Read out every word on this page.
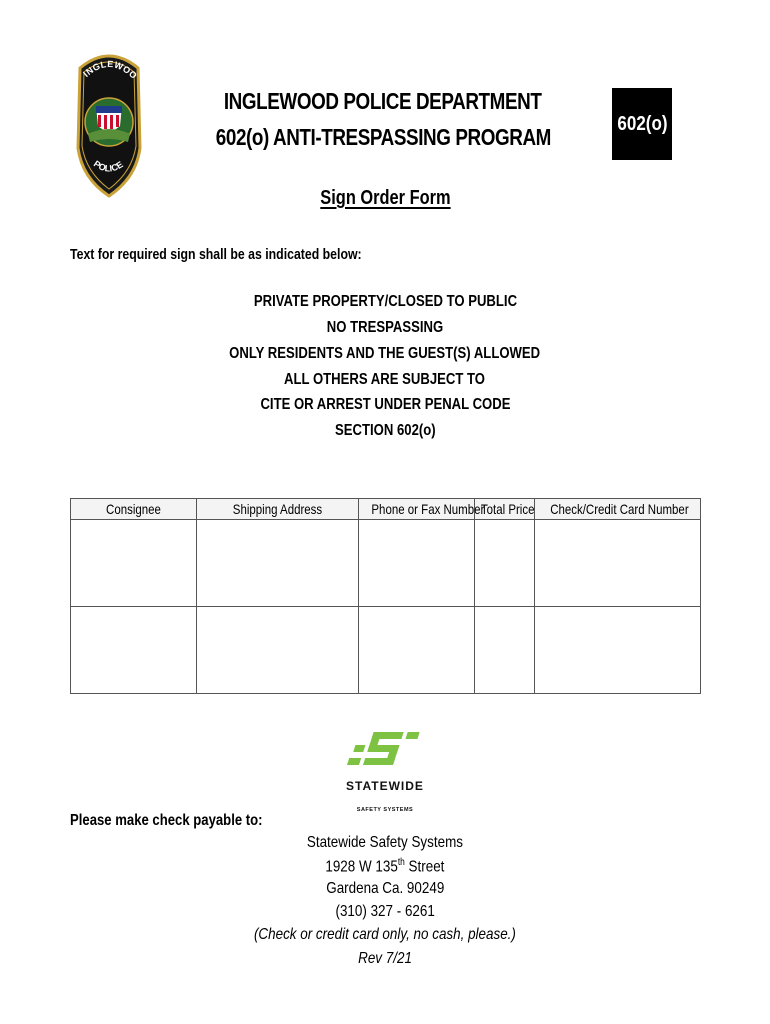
INGLEWOO
POLICE
INGLEWOOD POLICE DEPARTMENT
602(o) ANTI-TRESPASSING PROGRAM	602(o)
Sign Order Form
Text for required sign shall be as indicated below:
PRIVATE PROPERTY/CLOSED TO PUBLIC
NO TRESPASSING
ONLY RESIDENTS AND THE GUEST(S) ALLOWED
ALL OTHERS ARE SUBJECT TO
CITE OR ARREST UNDER PENAL CODE
SECTION 602(o)
Consignee	Shipping Address	Phone or Fax Number	Total Price	Check/Credit Card Number

STATEWIDE
SAFETY SYSTEMS
Please make check payable to:
Statewide Safety Systems
1928 W 135th Street
Gardena Ca. 90249
(310) 327 - 6261
(Check or credit card only, no cash, please.)
Rev 7/21
